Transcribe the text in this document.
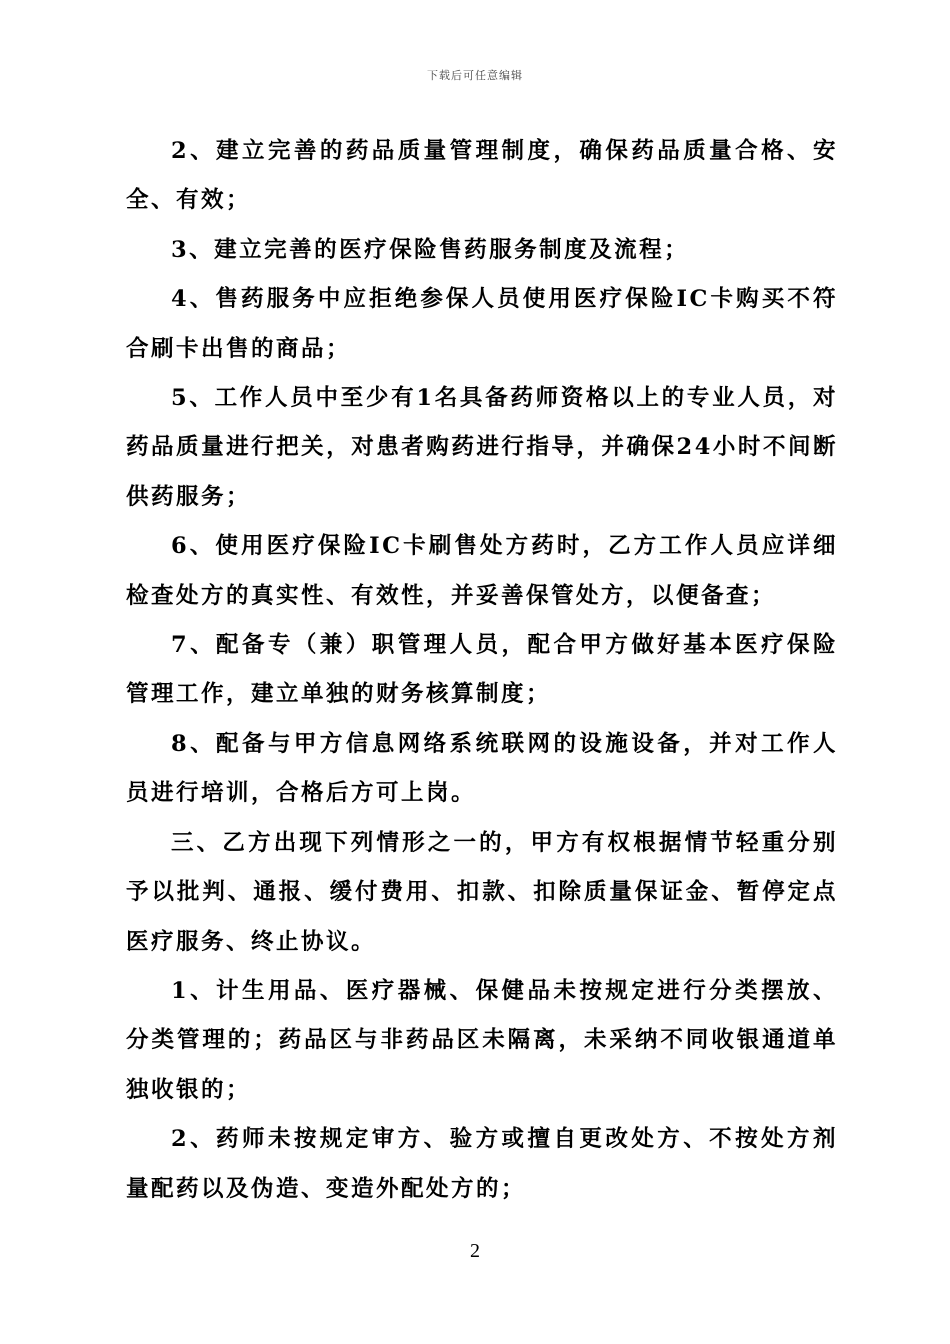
下载后可任意编辑

2、建立完善的药品质量管理制度，确保药品质量合格、安全、有效；

3、建立完善的医疗保险售药服务制度及流程；

4、售药服务中应拒绝参保人员使用医疗保险IC卡购买不符合刷卡出售的商品；

5、工作人员中至少有1名具备药师资格以上的专业人员，对药品质量进行把关，对患者购药进行指导，并确保24小时不间断供药服务；

6、使用医疗保险IC卡刷售处方药时，乙方工作人员应详细检查处方的真实性、有效性，并妥善保管处方，以便备查；

7、配备专（兼）职管理人员，配合甲方做好基本医疗保险管理工作，建立单独的财务核算制度；

8、配备与甲方信息网络系统联网的设施设备，并对工作人员进行培训，合格后方可上岗。

三、乙方出现下列情形之一的，甲方有权根据情节轻重分别予以批判、通报、缓付费用、扣款、扣除质量保证金、暂停定点医疗服务、终止协议。

1、计生用品、医疗器械、保健品未按规定进行分类摆放、分类管理的；药品区与非药品区未隔离，未采纳不同收银通道单独收银的；

2、药师未按规定审方、验方或擅自更改处方、不按处方剂量配药以及伪造、变造外配处方的；

2
